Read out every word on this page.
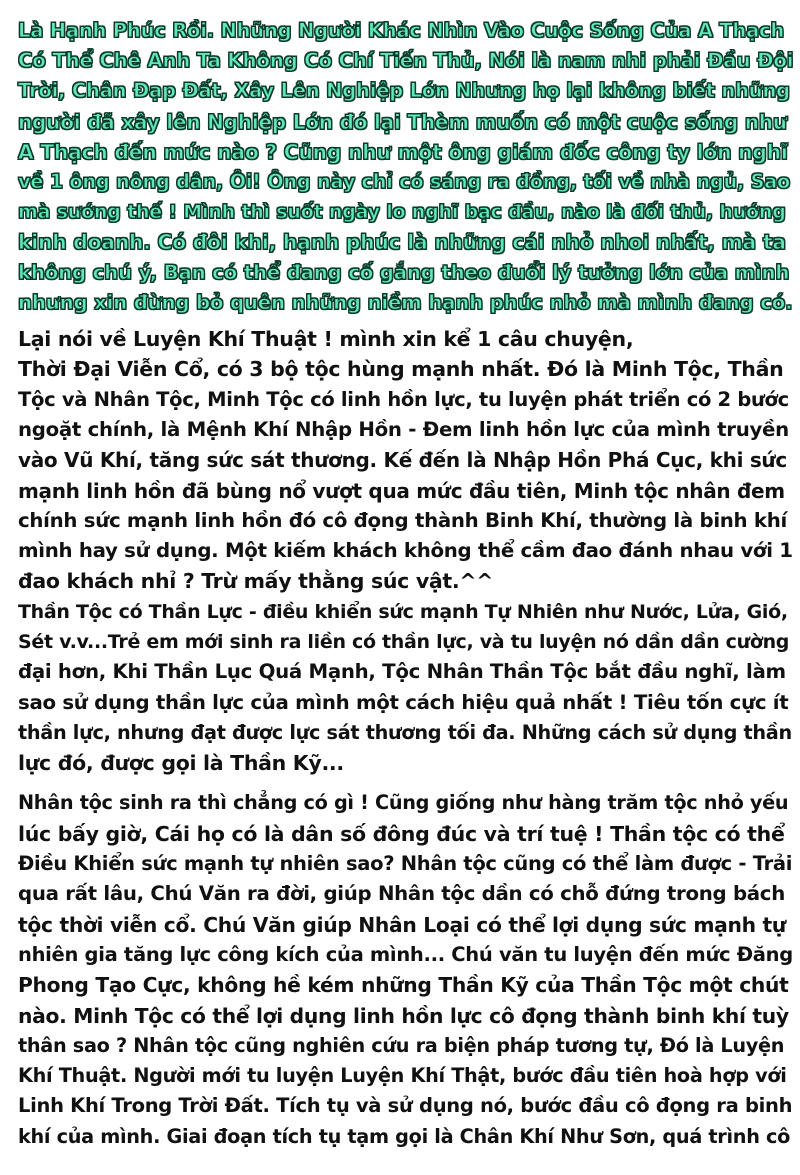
Là Hạnh Phúc Rồi. Những Người Khác Nhìn Vào Cuộc Sống Của A Thạch
Có Thể Chê Anh Ta Không Có Chí Tiến Thủ, Nói là nam nhi phải Đầu Đội
Trời, Chân Đạp Đất, Xây Lên Nghiệp Lớn Nhưng họ lại không biết những
người đã xây lên Nghiệp Lớn đó lại Thèm muốn có một cuộc sống như
A Thạch đến mức nào ? Cũng như một ông giám đốc công ty lớn nghĩ
về 1 ông nông dân, Ôi! Ông này chỉ có sáng ra đồng, tối về nhà ngủ, Sao
mà sướng thế ! Mình thì suốt ngày lo nghĩ bạc đầu, nào là đối thủ, hướng
kinh doanh. Có đôi khi, hạnh phúc là những cái nhỏ nhoi nhất, mà ta
không chú ý, Bạn có thể đang cố gắng theo đuổi lý tưởng lớn của mình
nhưng xin đừng bỏ quên những niềm hạnh phúc nhỏ mà mình đang có.
Lại nói về Luyện Khí Thuật ! mình xin kể 1 câu chuyện,
Thời Đại Viễn Cổ, có 3 bộ tộc hùng mạnh nhất. Đó là Minh Tộc, Thần
Tộc và Nhân Tộc, Minh Tộc có linh hồn lực, tu luyện phát triển có 2 bước
ngoặt chính, là Mệnh Khí Nhập Hồn - Đem linh hồn lực của mình truyền
vào Vũ Khí, tăng sức sát thương. Kế đến là Nhập Hồn Phá Cục, khi sức
mạnh linh hồn đã bùng nổ vượt qua mức đầu tiên, Minh tộc nhân đem
chính sức mạnh linh hồn đó cô đọng thành Binh Khí, thường là binh khí
mình hay sử dụng. Một kiếm khách không thể cầm đao đánh nhau với 1
đao khách nhỉ ? Trừ mấy thằng súc vật.^^
Thần Tộc có Thần Lực - điều khiển sức mạnh Tự Nhiên như Nước, Lửa, Gió,
Sét v.v...Trẻ em mới sinh ra liền có thần lực, và tu luyện nó dần dần cường
đại hơn, Khi Thần Lục Quá Mạnh, Tộc Nhân Thần Tộc bắt đầu nghĩ, làm
sao sử dụng thần lực của mình một cách hiệu quả nhất ! Tiêu tốn cực ít
thần lực, nhưng đạt được lực sát thương tối đa. Những cách sử dụng thần
lực đó, được gọi là Thần Kỹ...
Nhân tộc sinh ra thì chẳng có gì ! Cũng giống như hàng trăm tộc nhỏ yếu
lúc bấy giờ, Cái họ có là dân số đông đúc và trí tuệ ! Thần tộc có thể
Điều Khiển sức mạnh tự nhiên sao? Nhân tộc cũng có thể làm được - Trải
qua rất lâu, Chú Văn ra đời, giúp Nhân tộc dần có chỗ đứng trong bách
tộc thời viễn cổ. Chú Văn giúp Nhân Loại có thể lợi dụng sức mạnh tự
nhiên gia tăng lực công kích của mình... Chú văn tu luyện đến mức Đăng
Phong Tạo Cực, không hề kém những Thần Kỹ của Thần Tộc một chút
nào. Minh Tộc có thể lợi dụng linh hồn lực cô đọng thành binh khí tuỳ
thân sao ? Nhân tộc cũng nghiên cứu ra biện pháp tương tự, Đó là Luyện
Khí Thuật. Người mới tu luyện Luyện Khí Thật, bước đầu tiên hoà hợp với
Linh Khí Trong Trời Đất. Tích tụ và sử dụng nó, bước đầu cô đọng ra binh
khí của mình. Giai đoạn tích tụ tạm gọi là Chân Khí Như Sơn, quá trình cô
